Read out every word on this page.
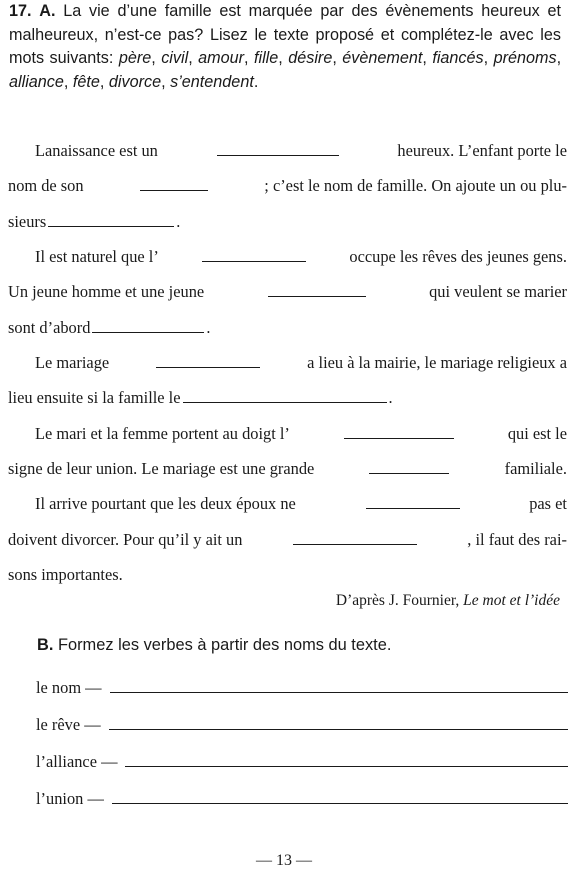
17. A. La vie d’une famille est marquée par des évènements heureux et malheureux, n’est-ce pas? Lisez le texte proposé et complétez-le avec les mots suivants: père, civil, amour, fille, désire, évènement, fiancés, prénoms, alliance, fête, divorce, s’entendent.
Lanaissance est un	heureux. L’enfant porte le
nom de son	; c’est le nom de famille. On ajoute un ou plu-
sieurs	.
Il est naturel que l’	occupe les rêves des jeunes gens.
Un jeune homme et une jeune	qui veulent se marier
sont d’abord	.
Le mariage	a lieu à la mairie, le mariage religieux a
lieu ensuite si la famille le	.
Le mari et la femme portent au doigt l’	qui est le
signe de leur union. Le mariage est une grande	familiale.
Il arrive pourtant que les deux époux ne	pas et
doivent divorcer. Pour qu’il y ait un	, il faut des rai-
sons importantes.
D’après J. Fournier, Le mot et l’idée
B. Formez les verbes à partir des noms du texte.
le nom —
le rêve —
l’alliance —
l’union —
— 13 —
